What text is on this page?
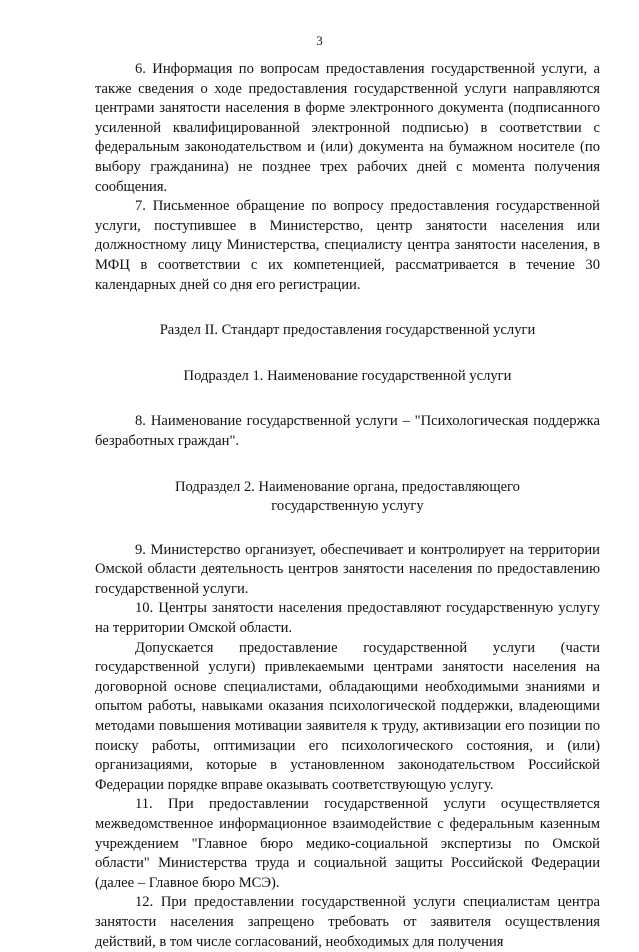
3

6. Информация по вопросам предоставления государственной услуги, а также сведения о ходе предоставления государственной услуги направляются центрами занятости населения в форме электронного документа (подписанного усиленной квалифицированной электронной подписью) в соответствии с федеральным законодательством и (или) документа на бумажном носителе (по выбору гражданина) не позднее трех рабочих дней с момента получения сообщения.

7. Письменное обращение по вопросу предоставления государственной услуги, поступившее в Министерство, центр занятости населения или должностному лицу Министерства, специалисту центра занятости населения, в МФЦ в соответствии с их компетенцией, рассматривается в течение 30 календарных дней со дня его регистрации.

Раздел II. Стандарт предоставления государственной услуги

Подраздел 1. Наименование государственной услуги

8. Наименование государственной услуги – "Психологическая поддержка безработных граждан".

Подраздел 2. Наименование органа, предоставляющего государственную услугу

9. Министерство организует, обеспечивает и контролирует на территории Омской области деятельность центров занятости населения по предоставлению государственной услуги.

10. Центры занятости населения предоставляют государственную услугу на территории Омской области.

Допускается предоставление государственной услуги (части государственной услуги) привлекаемыми центрами занятости населения на договорной основе специалистами, обладающими необходимыми знаниями и опытом работы, навыками оказания психологической поддержки, владеющими методами повышения мотивации заявителя к труду, активизации его позиции по поиску работы, оптимизации его психологического состояния, и (или) организациями, которые в установленном законодательством Российской Федерации порядке вправе оказывать соответствующую услугу.

11. При предоставлении государственной услуги осуществляется межведомственное информационное взаимодействие с федеральным казенным учреждением "Главное бюро медико-социальной экспертизы по Омской области" Министерства труда и социальной защиты Российской Федерации (далее – Главное бюро МСЭ).

12. При предоставлении государственной услуги специалистам центра занятости населения запрещено требовать от заявителя осуществления действий, в том числе согласований, необходимых для получения
